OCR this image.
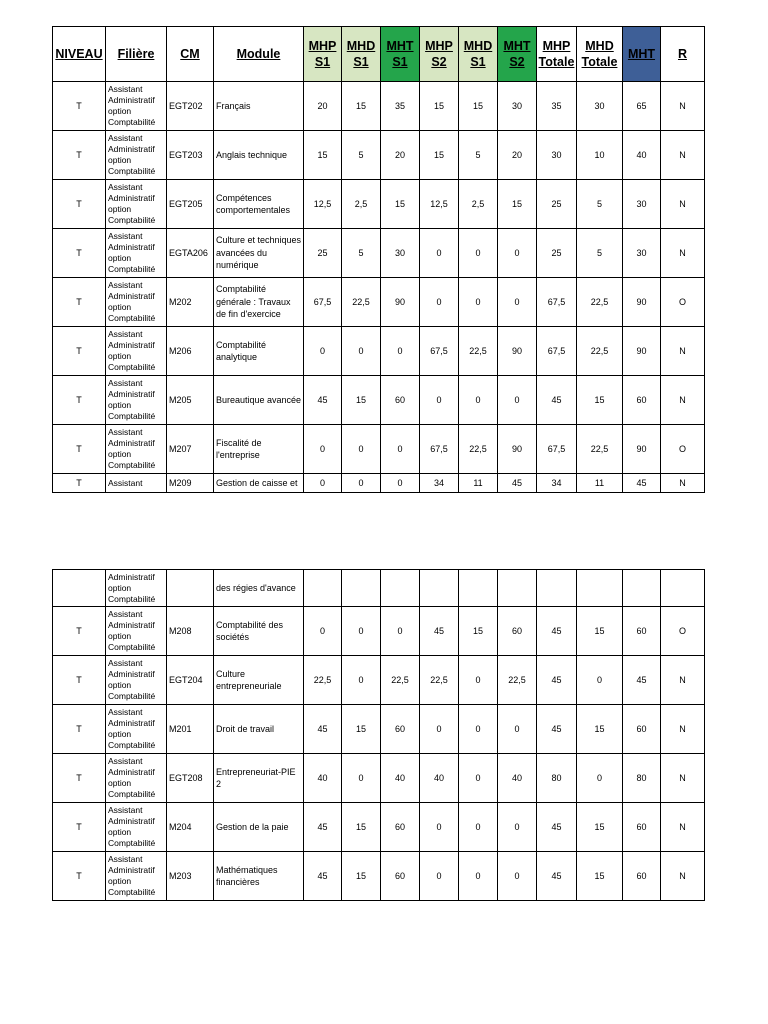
NIVEAU	Filière	CM	Module	MHP S1	MHD S1	MHT S1	MHP S2	MHD S1	MHT S2	MHP Totale	MHD Totale	MHT	R
T	Assistant Administratif option Comptabilité	EGT202	Français	20	15	35	15	15	30	35	30	65	N
T	Assistant Administratif option Comptabilité	EGT203	Anglais technique	15	5	20	15	5	20	30	10	40	N
T	Assistant Administratif option Comptabilité	EGT205	Compétences comportementales	12,5	2,5	15	12,5	2,5	15	25	5	30	N
T	Assistant Administratif option Comptabilité	EGTA206	Culture et techniques avancées du numérique	25	5	30	0	0	0	25	5	30	N
T	Assistant Administratif option Comptabilité	M202	Comptabilité générale : Travaux de fin d'exercice	67,5	22,5	90	0	0	0	67,5	22,5	90	O
T	Assistant Administratif option Comptabilité	M206	Comptabilité analytique	0	0	0	67,5	22,5	90	67,5	22,5	90	N
T	Assistant Administratif option Comptabilité	M205	Bureautique avancée	45	15	60	0	0	0	45	15	60	N
T	Assistant Administratif option Comptabilité	M207	Fiscalité de l'entreprise	0	0	0	67,5	22,5	90	67,5	22,5	90	O
T	Assistant	M209	Gestion de caisse et	0	0	0	34	11	45	34	11	45	N
	Administratif option Comptabilité		des régies d'avance										
T	Assistant Administratif option Comptabilité	M208	Comptabilité des sociétés	0	0	0	45	15	60	45	15	60	O
T	Assistant Administratif option Comptabilité	EGT204	Culture entrepreneuriale	22,5	0	22,5	22,5	0	22,5	45	0	45	N
T	Assistant Administratif option Comptabilité	M201	Droit de travail	45	15	60	0	0	0	45	15	60	N
T	Assistant Administratif option Comptabilité	EGT208	Entrepreneuriat-PIE 2	40	0	40	40	0	40	80	0	80	N
T	Assistant Administratif option Comptabilité	M204	Gestion de la paie	45	15	60	0	0	0	45	15	60	N
T	Assistant Administratif option Comptabilité	M203	Mathématiques financières	45	15	60	0	0	0	45	15	60	N
